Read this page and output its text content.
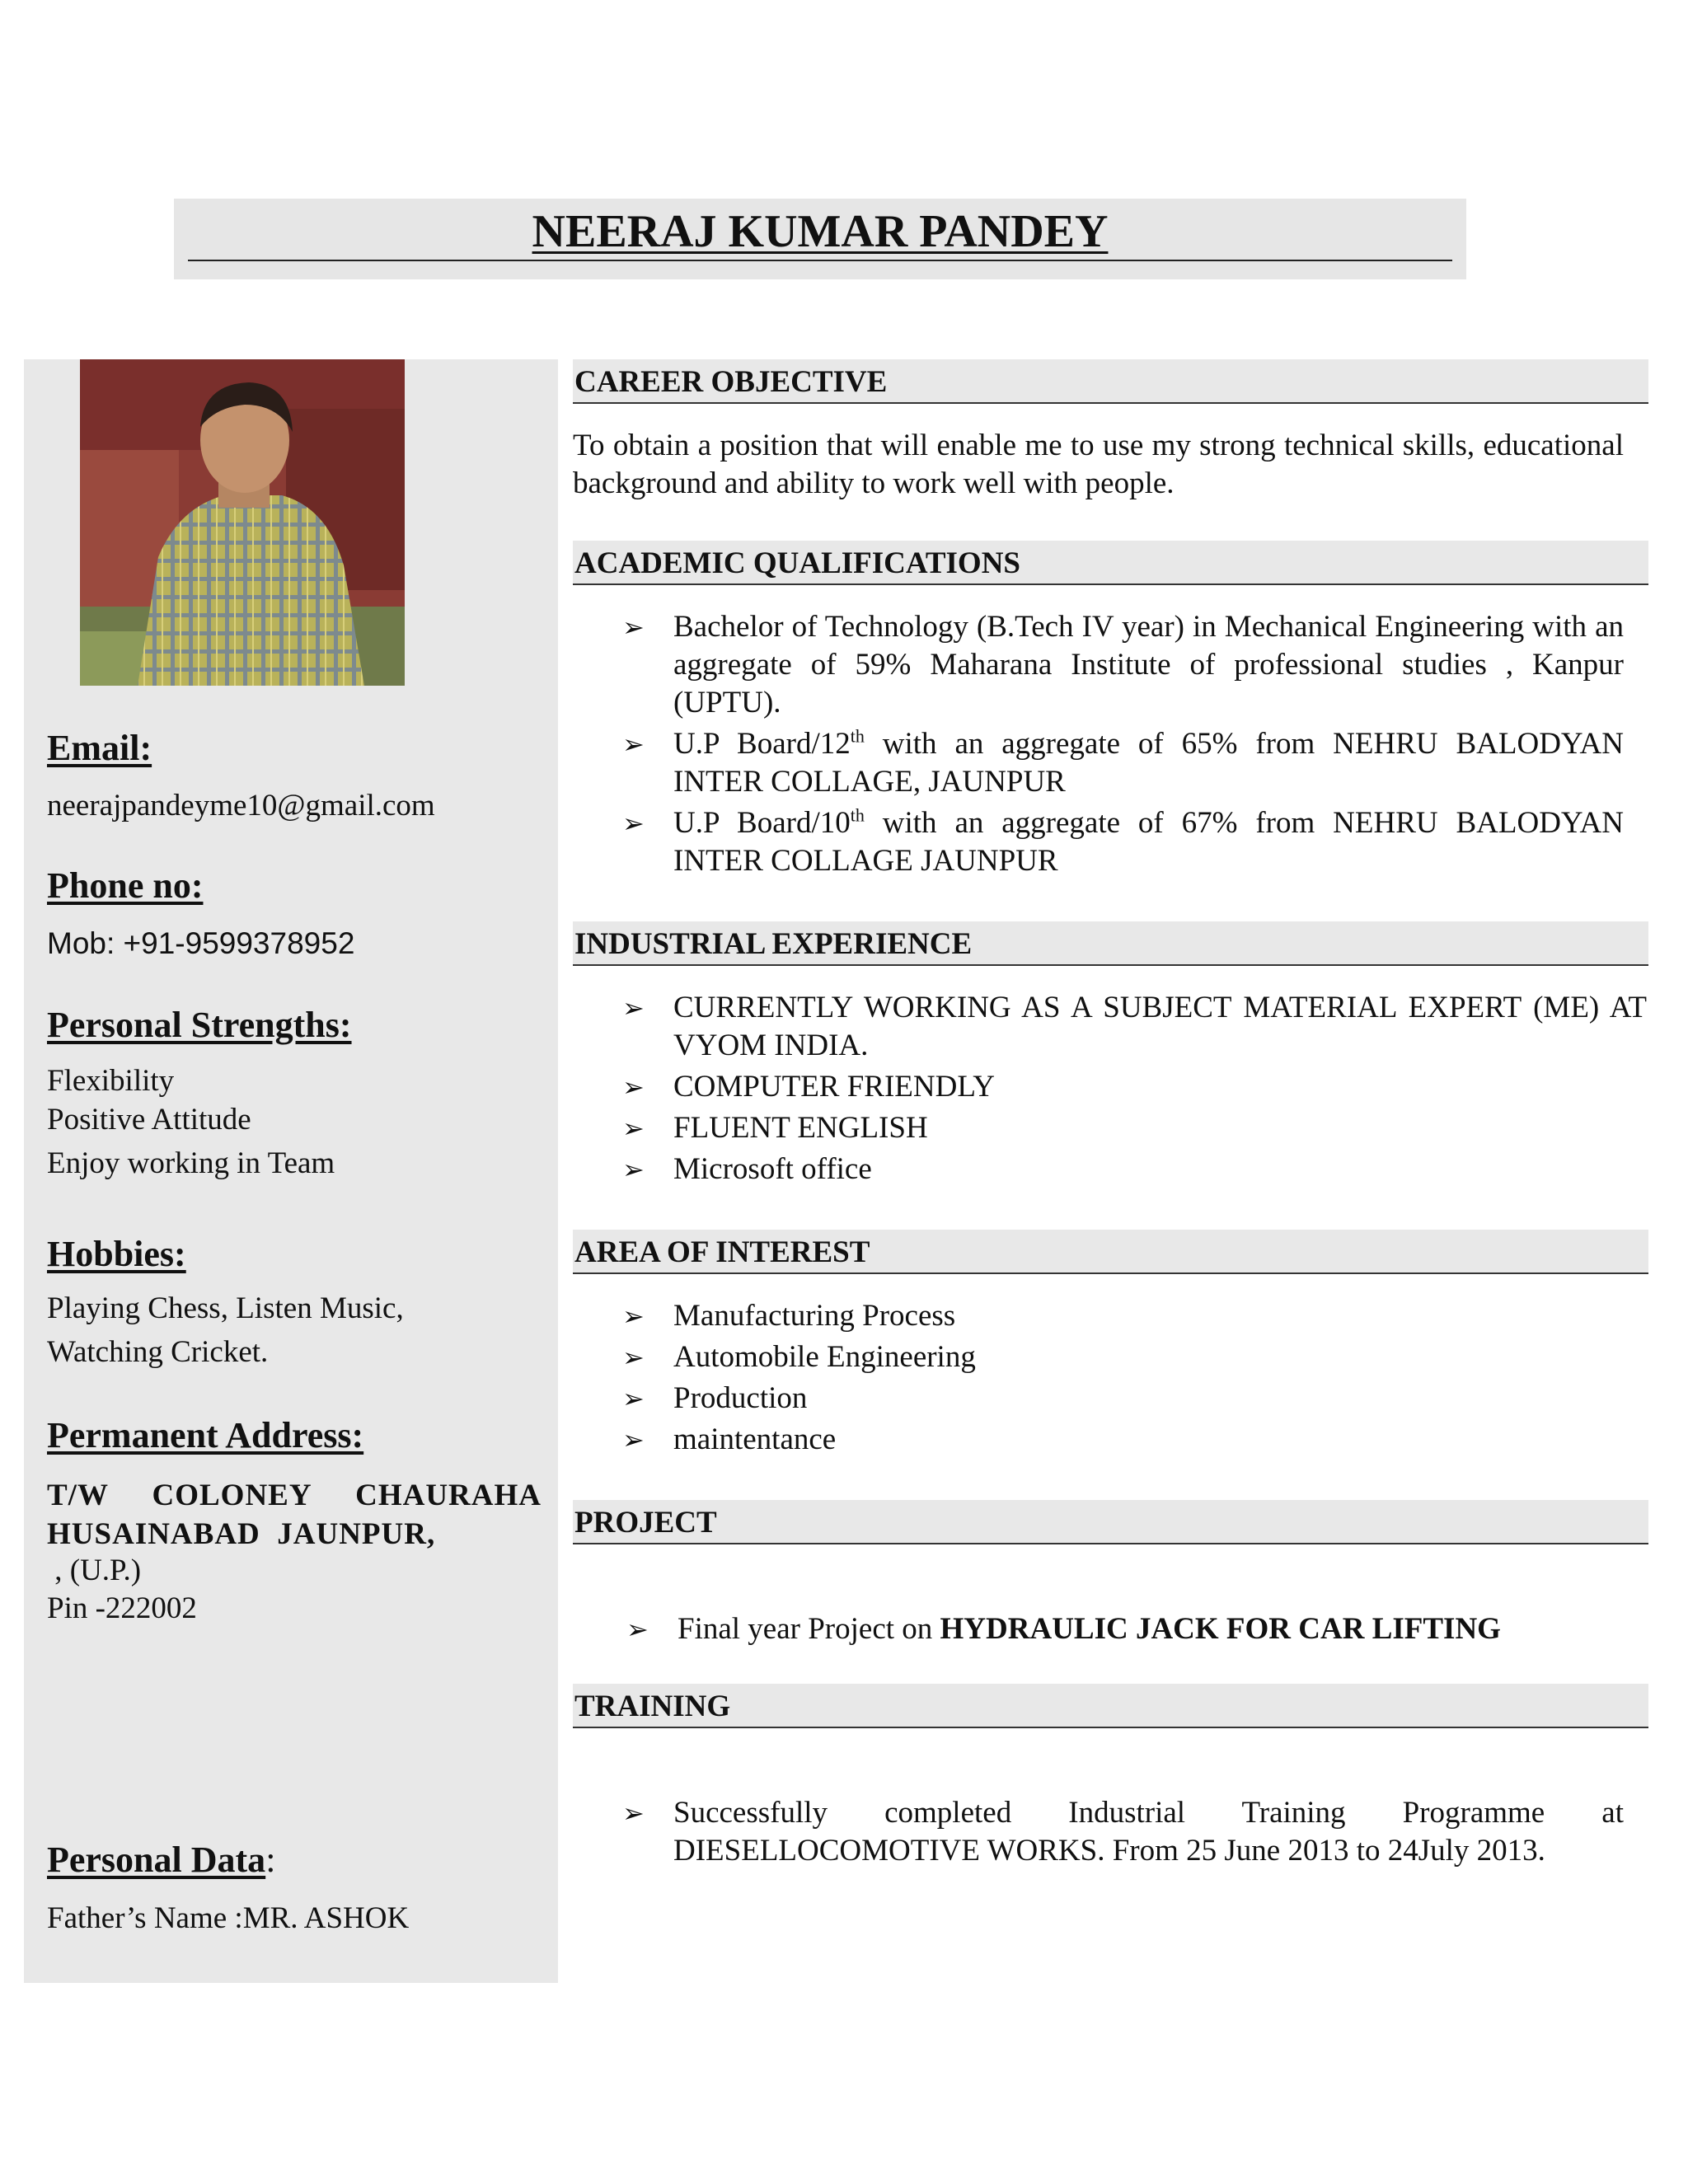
NEERAJ KUMAR PANDEY
Email:
neerajpandeyme10@gmail.com
Phone no:
Mob: +91-9599378952
Personal Strengths:
Flexibility
Positive Attitude
Enjoy working in Team
Hobbies:
Playing Chess, Listen Music,
Watching Cricket.
Permanent Address:
T/W COLONEY CHAURAHA
HUSAINABAD  JAUNPUR,
, (U.P.)
Pin -222002
Personal Data:
Father’s Name :MR. ASHOK
CAREER OBJECTIVE
To obtain a position that will enable me to use my strong technical skills, educational background and ability to work well with people.
ACADEMIC QUALIFICATIONS
➢ Bachelor of Technology (B.Tech IV year) in Mechanical Engineering with an aggregate of 59% Maharana Institute of professional studies , Kanpur (UPTU).
➢ U.P Board/12th with an aggregate of 65% from NEHRU BALODYAN INTER COLLAGE, JAUNPUR
➢ U.P Board/10th with an aggregate of 67% from NEHRU BALODYAN INTER COLLAGE JAUNPUR
INDUSTRIAL EXPERIENCE
➢ CURRENTLY WORKING AS A SUBJECT MATERIAL EXPERT (ME) AT VYOM INDIA.
➢ COMPUTER FRIENDLY
➢ FLUENT ENGLISH
➢ Microsoft office
AREA OF INTEREST
➢ Manufacturing Process
➢ Automobile Engineering
➢ Production
➢ maintentance
PROJECT
➢ Final year Project on HYDRAULIC JACK FOR CAR LIFTING
TRAINING
➢ Successfully completed Industrial Training Programme at DIESELLOCOMOTIVE WORKS. From 25 June 2013 to 24July 2013.
